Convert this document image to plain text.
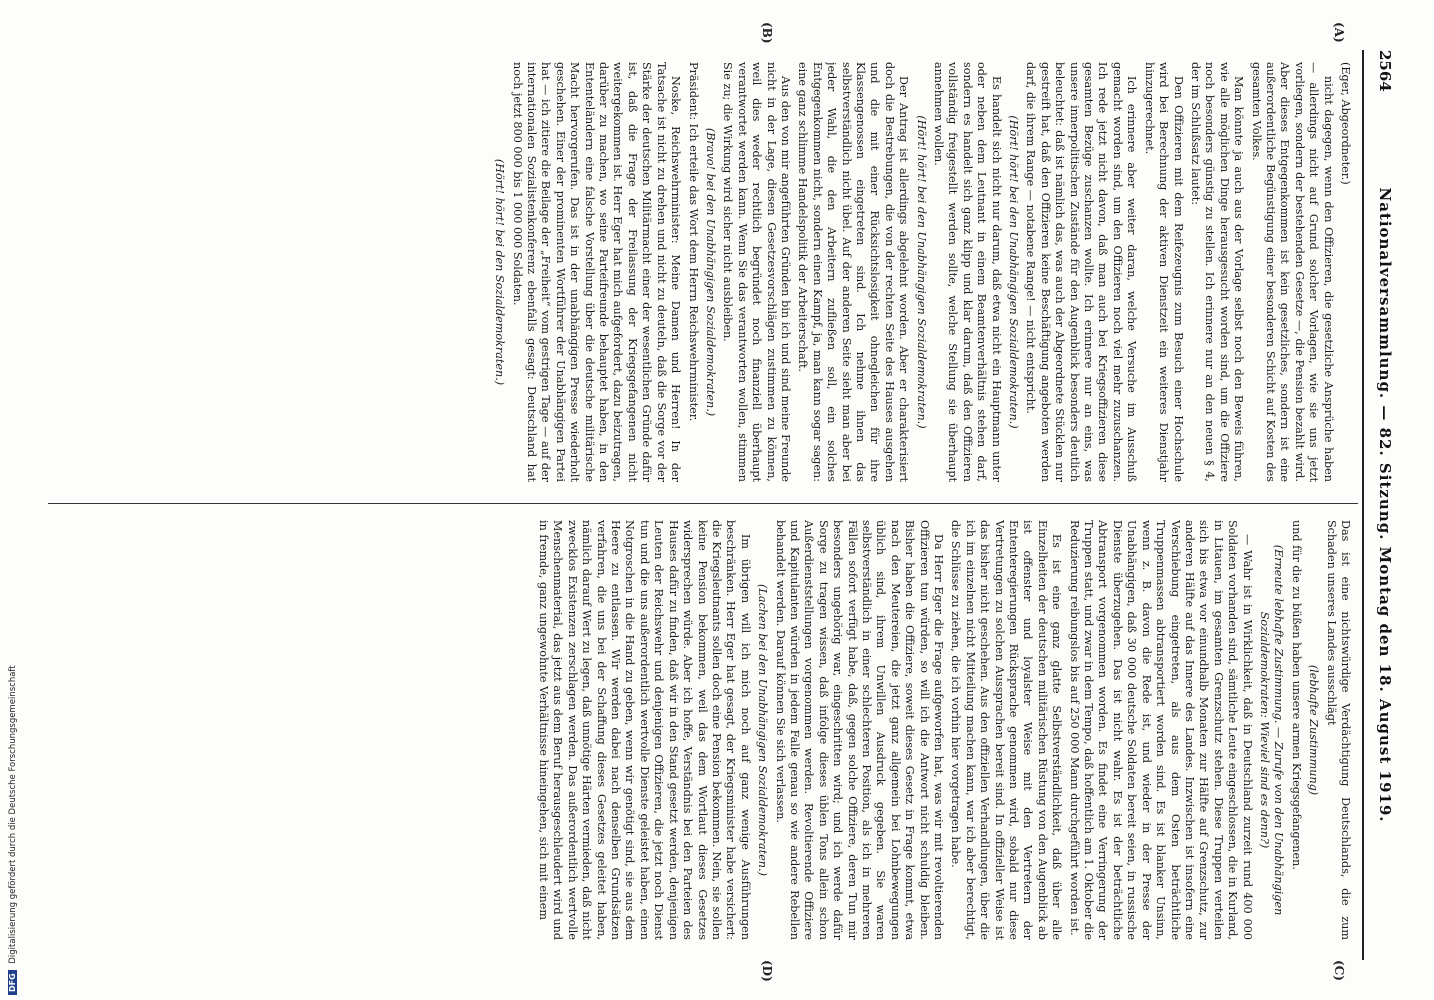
2564
Nationalversammlung. — 82. Sitzung. Montag den 18. August 1919.
(A)
(B)
(C)
(D)

(Eger, Abgeordneter.)

nicht dagegen, wenn den Offizieren, die gesetzliche Ansprüche haben — allerdings nicht auf Grund solcher Vorlagen, wie sie uns jetzt vorliegen, sondern der bestehenden Gesetze —, die Pension bezahlt wird. Aber dieses Entgegenkommen ist kein gesetzliches, sondern ist eine außerordentliche Begünstigung einer besonderen Schicht auf Kosten des gesamten Volkes.

Man könnte ja auch aus der Vorlage selbst noch den Beweis führen, wie alle möglichen Dinge herausgesucht worden sind, um die Offiziere noch besonders günstig zu stellen. Ich erinnere nur an den neuen § 4, der im Schlußsatz lautet:

Den Offizieren mit dem Reifezeugnis zum Besuch einer Hochschule wird bei Berechnung der aktiven Dienstzeit ein weiteres Dienstjahr hinzugerechnet.

Ich erinnere aber weiter daran, welche Versuche im Ausschuß gemacht worden sind, um den Offizieren noch viel mehr zuzuschanzen. Ich rede jetzt nicht davon, daß man auch bei Kriegsoffizieren diese gesamten Bezüge zuschanzen wollte. Ich erinnere nur an eins, was unsere innerpolitischen Zustände für den Augenblick besonders deutlich beleuchtet: daß ist nämlich das, was auch der Abgeordnete Stücklen nur gestreift hat, daß den Offizieren keine Beschäftigung angeboten werden darf, die ihrem Range — notabene Range! — nicht entspricht.

(Hört! hört! bei den Unabhängigen Sozialdemokraten.)

Es handelt sich nicht nur darum, daß etwa nicht ein Hauptmann unter oder neben dem Leutnant in einem Beamtenverhältnis stehen darf, sondern es handelt sich ganz klipp und klar darum, daß den Offizieren vollständig freigestellt werden sollte, welche Stellung sie überhaupt annehmen wollen.

(Hört! hört! bei den Unabhängigen Sozialdemokraten.)

Der Antrag ist allerdings abgelehnt worden. Aber er charakterisiert doch die Bestrebungen, die von der rechten Seite des Hauses ausgehen und die mit einer Rücksichtslosigkeit ohnegleichen für ihre Klassengenossen eingetreten sind. Ich nehme ihnen das selbstverständlich nicht übel. Auf der anderen Seite sieht man aber bei jeder Wahl, die den Arbeitern zufließen soll, ein solches Entgegenkommen nicht, sondern einen Kampf, ja, man kann sogar sagen: eine ganz schlimme Handelspolitik der Arbeiterschaft.

Aus den von mir angeführten Gründen bin ich und sind meine Freunde nicht in der Lage, diesen Gesetzesvorschlägen zustimmen zu können, weil dies weder rechtlich begründet noch finanziell überhaupt verantwortet werden kann. Wenn Sie das verantworten wollen, stimmen Sie zu; die Wirkung wird sicher nicht ausbleiben.

(Bravo! bei den Unabhängigen Sozialdemokraten.)

Präsident: Ich erteile das Wort dem Herrn Reichswehrminister.

Noske, Reichswehrminister: Meine Damen und Herren! In der Tatsache ist nicht zu drehen und nicht zu deuteln, daß die Sorge vor der Stärke der deutschen Militärmacht einer der wesentlichen Gründe dafür ist, daß die Frage der Freilassung der Kriegsgefangenen nicht weitergekommen ist. Herr Eger hat mich aufgefordert, dazu beizutragen, darüber zu machen, wo seine Parteifreunde behauptet haben, in den Ententeländern eine falsche Vorstellung über die deutsche militärische Macht hervorgerufen. Das ist in der unabhängigen Presse wiederholt geschehen. Einer der prominenten Wortführer der Unabhängigen Partei hat — ich zitiere die Beilage der „Freiheit“ vom gestrigen Tage — auf der internationalen Sozialistenkonferenz ebenfalls gesagt: Deutschland hat noch jetzt 800 000 bis 1 000 000 Soldaten.

(Hört! hört! bei den Sozialdemokraten.)

Das ist eine nichtswürdige Verdächtigung Deutschlands, die zum Schaden unseres Landes ausschlägt

(lebhafte Zustimmung)

und für die zu büßen haben unsere armen Kriegsgefangenen.

(Erneute lebhafte Zustimmung. — Zurufe von den Unabhängigen Sozialdemokraten: Wieviel sind es denn?)

— Wahr ist in Wirklichkeit, daß in Deutschland zurzeit rund 400 000 Soldaten vorhanden sind, sämtliche Leute eingeschlossen, die in Kurland, in Litauen, im gesamten Grenzschutz stehen. Diese Truppen verteilen sich bis etwa vor einundhalb Monaten zur Hälfte auf Grenzschutz, zur anderen Hälfte auf das Innere des Landes. Inzwischen ist insofern eine Verschiebung eingetreten, als aus dem Osten beträchtliche Truppenmassen abtransportiert worden sind. Es ist blanker Unsinn, wenn z. B. davon die Rede ist, und wieder in der Presse der Unabhängigen, daß 30 000 deutsche Soldaten bereit seien, in russische Dienste überzugehen. Das ist nicht wahr. Es ist der beträchtliche Abtransport vorgenommen worden. Es findet eine Verringerung der Truppen statt, und zwar in dem Tempo, daß hoffentlich am 1. Oktober die Reduzierung reibungslos bis auf 250 000 Mann durchgeführt worden ist.

Es ist eine ganz glatte Selbstverständlichkeit, daß über alle Einzelheiten der deutschen militärischen Rüstung von den Augenblick ab ist offenster und loyalster Weise mit den Vertretern der Ententeregierungen Rücksprache genommen wird, sobald nur diese Vertretungen zu solchen Aussprachen bereit sind. In offizieller Weise ist das bisher nicht geschehen. Aus den offiziellen Verhandlungen, über die ich im einzelnen nicht Mitteilung machen kann, war ich aber berechtigt, die Schlüsse zu ziehen, die ich vorhin hier vorgetragen habe.

Da Herr Eger die Frage aufgeworfen hat, was wir mit revoltierenden Offizieren tun würden, so will ich die Antwort nicht schuldig bleiben. Bisher haben die Offiziere, soweit dieses Gesetz in Frage kommt, etwa nach den Meutereien, die jetzt ganz allgemein bei Lohnbewegungen üblich sind, ihrem Unwillen Ausdruck gegeben. Sie waren selbstverständlich in einer schlechteren Position, als ich in mehreren Fällen sofort verfügt habe, daß, gegen solche Offiziere, deren Tun mir besonders ungehörig war, eingeschritten wird; und ich werde dafür Sorge zu tragen wissen, daß infolge dieses üblen Tons allein schon Außerdienststellungen vorgenommen werden. Revoltierende Offiziere und Kapitulanten würden in jedem Falle genau so wie andere Rebellen behandelt werden. Darauf können Sie sich verlassen.

(Lachen bei den Unabhängigen Sozialdemokraten.)

Im übrigen will ich mich noch auf ganz wenige Ausführungen beschränken. Herr Eger hat gesagt, der Kriegsminister habe versichert: die Kriegsleutnants sollen doch eine Pension bekommen. Nein, sie sollen keine Pension bekommen, weil das dem Wortlaut dieses Gesetzes widersprechen würde. Aber ich hoffe, Verständnis bei den Parteien des Hauses dafür zu finden, daß wir in den Stand gesetzt werden, denjenigen Leuten der Reichswehr und denjenigen Offizieren, die jetzt noch Dienst tun und die uns außerordentlich wertvolle Dienste geleistet haben, einen Notgroschen in die Hand zu geben, wenn wir genötigt sind, sie aus dem Heere zu entlassen. Wir werden dabei nach denselben Grundsätzen verfahren, die uns bei der Schaffung dieses Gesetzes geleitet haben, nämlich darauf Wert zu legen, daß unnötige Härten vermieden, daß nicht zwecklos Existenzen zerschlagen werden. Das außerordentlich wertvolle Menschenmaterial, das jetzt aus dem Beruf herausgeschleudert wird und in fremde, ganz ungewohnte Verhältnisse hineingehen, sich mit einem

DFG Digitalisierung gefördert durch die Deutsche Forschungsgemeinschaft
